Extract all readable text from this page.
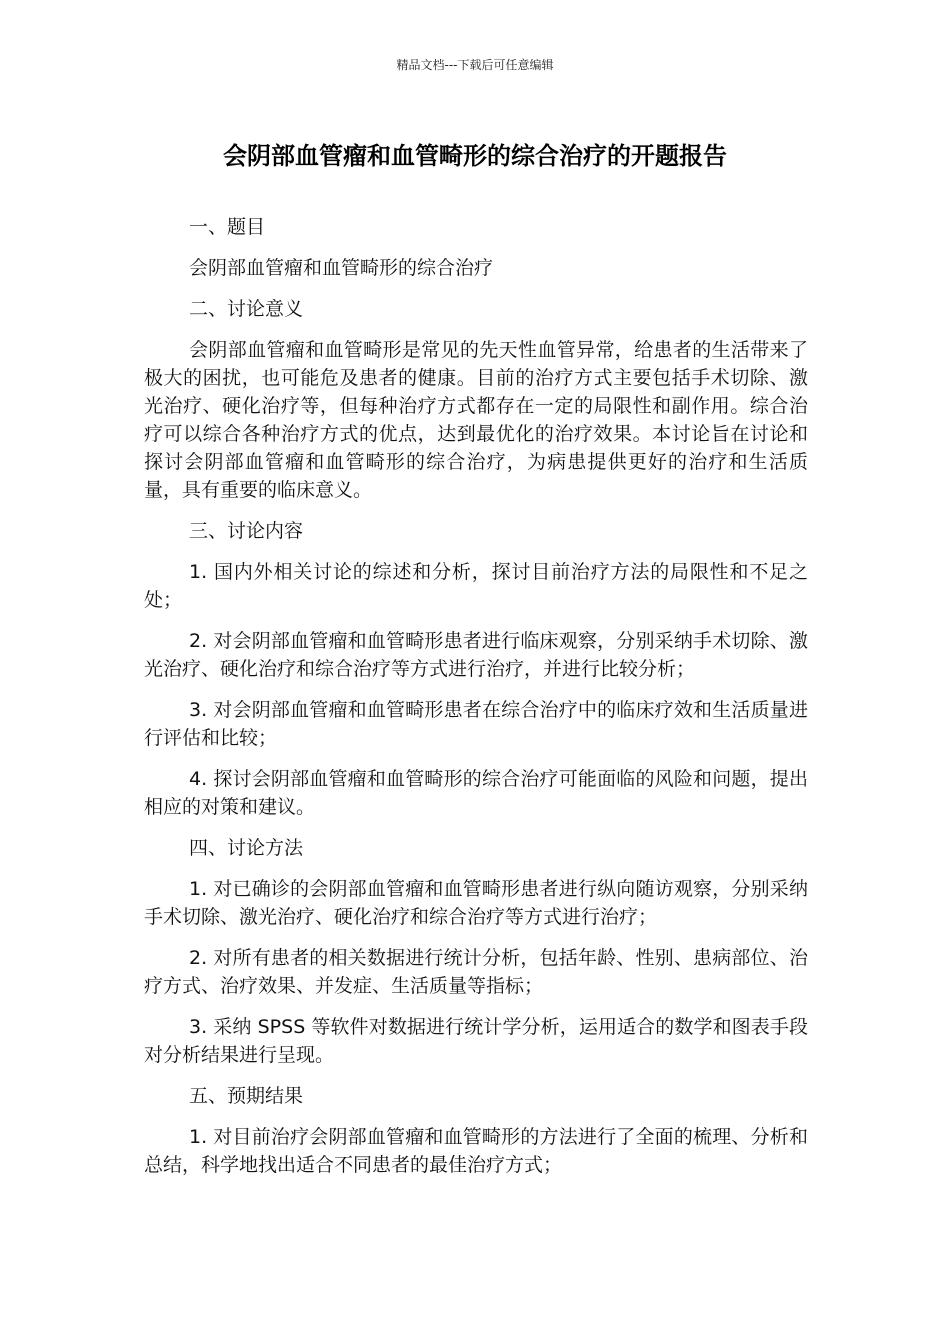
精品文档---下载后可任意编辑
会阴部血管瘤和血管畸形的综合治疗的开题报告
一、题目
会阴部血管瘤和血管畸形的综合治疗
二、讨论意义
会阴部血管瘤和血管畸形是常见的先天性血管异常，给患者的生活带来了极大的困扰，也可能危及患者的健康。目前的治疗方式主要包括手术切除、激光治疗、硬化治疗等，但每种治疗方式都存在一定的局限性和副作用。综合治疗可以综合各种治疗方式的优点，达到最优化的治疗效果。本讨论旨在讨论和探讨会阴部血管瘤和血管畸形的综合治疗，为病患提供更好的治疗和生活质量，具有重要的临床意义。
三、讨论内容
1. 国内外相关讨论的综述和分析，探讨目前治疗方法的局限性和不足之处；
2. 对会阴部血管瘤和血管畸形患者进行临床观察，分别采纳手术切除、激光治疗、硬化治疗和综合治疗等方式进行治疗，并进行比较分析；
3. 对会阴部血管瘤和血管畸形患者在综合治疗中的临床疗效和生活质量进行评估和比较；
4. 探讨会阴部血管瘤和血管畸形的综合治疗可能面临的风险和问题，提出相应的对策和建议。
四、讨论方法
1. 对已确诊的会阴部血管瘤和血管畸形患者进行纵向随访观察，分别采纳手术切除、激光治疗、硬化治疗和综合治疗等方式进行治疗；
2. 对所有患者的相关数据进行统计分析，包括年龄、性别、患病部位、治疗方式、治疗效果、并发症、生活质量等指标；
3. 采纳 SPSS 等软件对数据进行统计学分析，运用适合的数学和图表手段对分析结果进行呈现。
五、预期结果
1. 对目前治疗会阴部血管瘤和血管畸形的方法进行了全面的梳理、分析和总结，科学地找出适合不同患者的最佳治疗方式；
